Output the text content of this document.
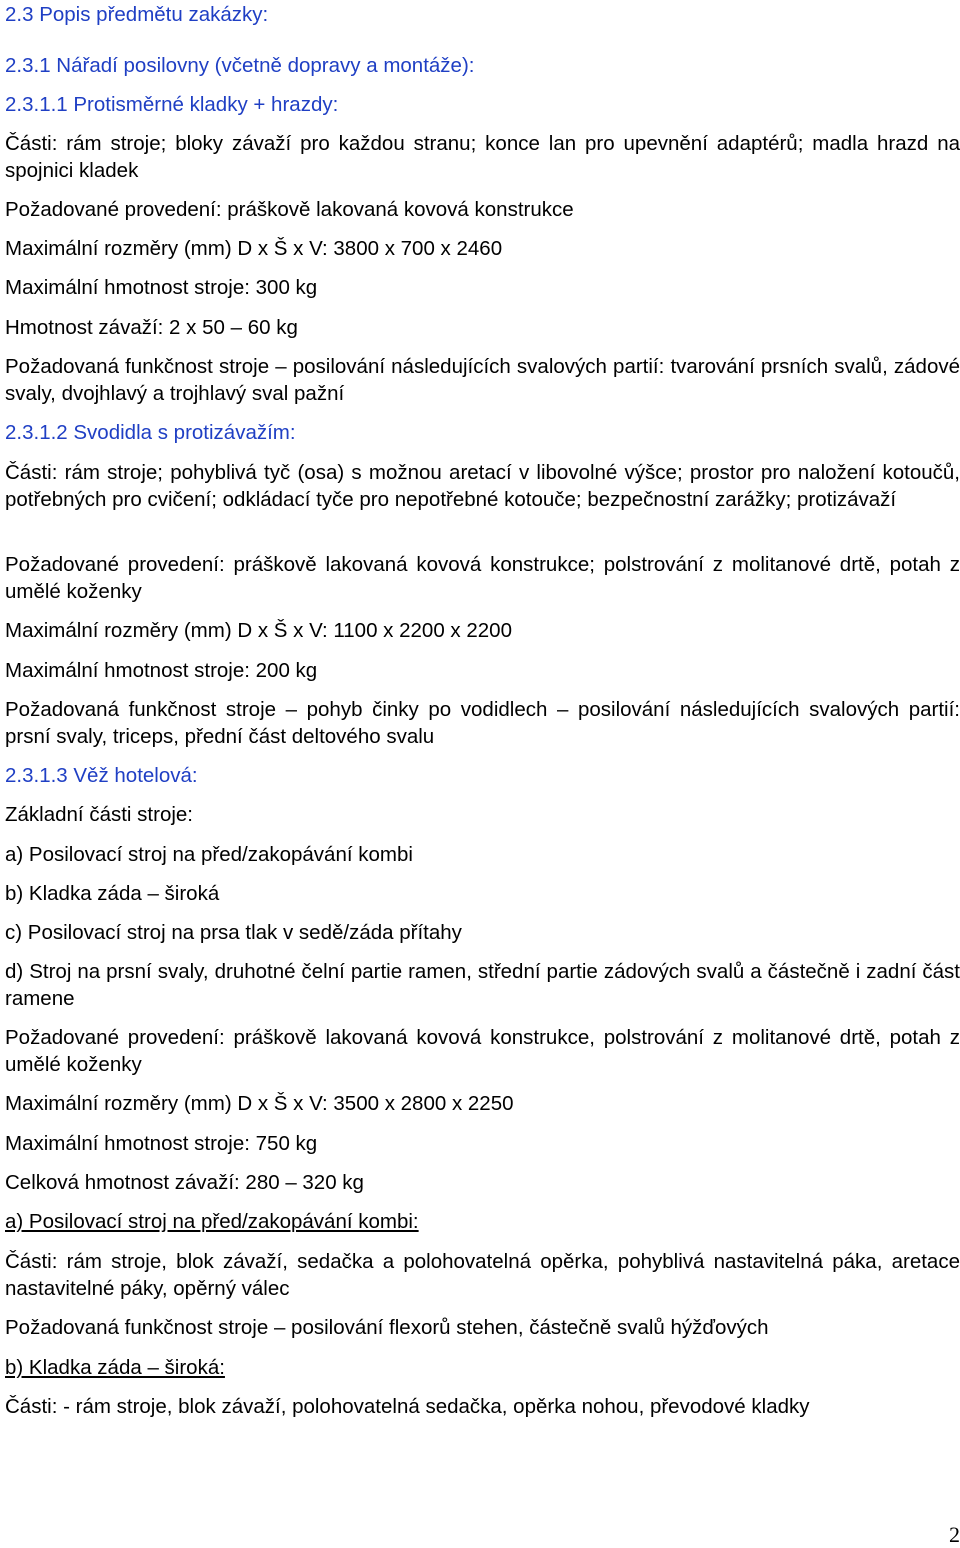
2.3 Popis předmětu zakázky:

2.3.1 Nářadí posilovny (včetně dopravy a montáže):

2.3.1.1 Protisměrné kladky + hrazdy:

Části: rám stroje; bloky závaží pro každou stranu; konce lan pro upevnění adaptérů; madla hrazd na spojnici kladek

Požadované provedení: práškově lakovaná kovová konstrukce

Maximální rozměry (mm) D x Š x V: 3800 x 700 x 2460

Maximální hmotnost stroje: 300 kg

Hmotnost závaží: 2 x 50 – 60 kg

Požadovaná funkčnost stroje – posilování následujících svalových partií: tvarování prsních svalů, zádové svaly, dvojhlavý a trojhlavý sval pažní

2.3.1.2 Svodidla s protizávažím:

Části: rám stroje; pohyblivá tyč (osa) s možnou aretací v libovolné výšce; prostor pro naložení kotoučů, potřebných pro cvičení; odkládací tyče pro nepotřebné kotouče; bezpečnostní zarážky; protizávaží

Požadované provedení: práškově lakovaná kovová konstrukce; polstrování z molitanové drtě, potah z umělé koženky

Maximální rozměry (mm) D x Š x V: 1100 x 2200 x 2200

Maximální hmotnost stroje: 200 kg

Požadovaná funkčnost stroje – pohyb činky po vodidlech – posilování následujících svalových partií: prsní svaly, triceps, přední část deltového svalu

2.3.1.3 Věž hotelová:

Základní části stroje:

a) Posilovací stroj na před/zakopávání kombi

b) Kladka záda – široká

c) Posilovací stroj na prsa tlak v sedě/záda přítahy

d) Stroj na prsní svaly, druhotné čelní partie ramen, střední partie zádových svalů a částečně i zadní část ramene

Požadované provedení: práškově lakovaná kovová konstrukce, polstrování z molitanové drtě, potah z umělé koženky

Maximální rozměry (mm) D x Š x V: 3500 x 2800 x 2250

Maximální hmotnost stroje: 750 kg

Celková hmotnost závaží: 280 – 320 kg

a) Posilovací stroj na před/zakopávání kombi:

Části: rám stroje, blok závaží, sedačka a polohovatelná opěrka, pohyblivá nastavitelná páka, aretace nastavitelné páky, opěrný válec

Požadovaná funkčnost stroje – posilování flexorů stehen, částečně svalů hýžďových

b) Kladka záda – široká:

Části: - rám stroje, blok závaží, polohovatelná sedačka, opěrka nohou, převodové kladky

2
